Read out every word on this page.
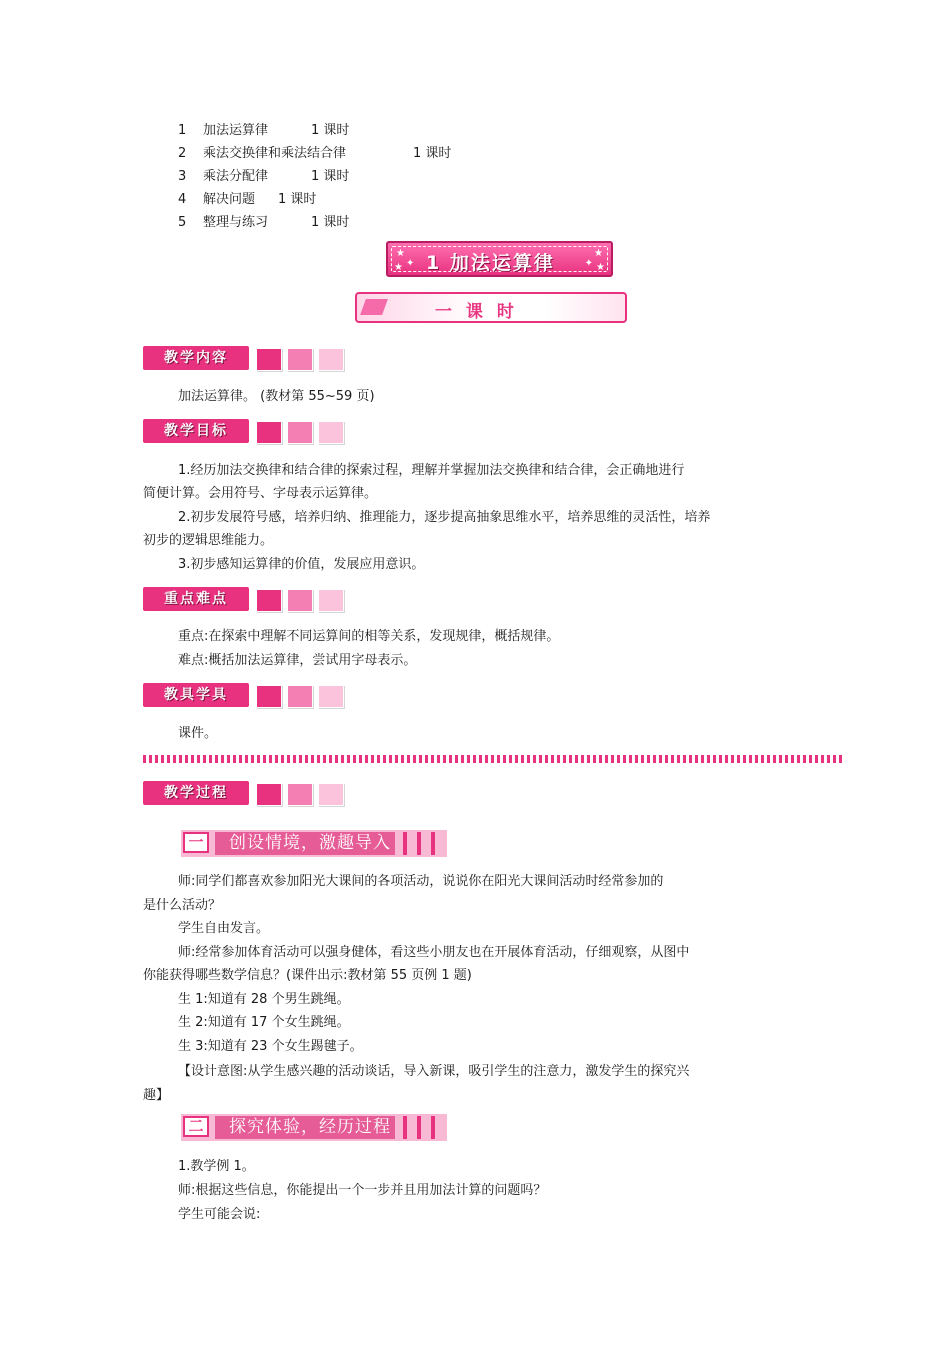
1 加法运算律	1 课时
2 乘法交换律和乘法结合律	1 课时
3 乘法分配律	1 课时
4 解决问题 1 课时
5 整理与练习	1 课时
★
✦
★
★
✦ ★
1 加法运算律
一 课 时
教学内容
加法运算律。 (教材第 55~59 页)
教学目标
1.经历加法交换律和结合律的探索过程，理解并掌握加法交换律和结合律，会正确地进行
简便计算。会用符号、字母表示运算律。
2.初步发展符号感，培养归纳、推理能力，逐步提高抽象思维水平，培养思维的灵活性，培养
初步的逻辑思维能力。
3.初步感知运算律的价值，发展应用意识。
重点难点
重点:在探索中理解不同运算间的相等关系，发现规律，概括规律。
难点:概括加法运算律，尝试用字母表示。
教具学具
课件。
教学过程
一	创设情境，激趣导入
师:同学们都喜欢参加阳光大课间的各项活动，说说你在阳光大课间活动时经常参加的
是什么活动？
学生自由发言。
师:经常参加体育活动可以强身健体，看这些小朋友也在开展体育活动，仔细观察，从图中
你能获得哪些数学信息？(课件出示:教材第 55 页例 1 题)
生 1:知道有 28 个男生跳绳。
生 2:知道有 17 个女生跳绳。
生 3:知道有 23 个女生踢毽子。
【设计意图:从学生感兴趣的活动谈话，导入新课，吸引学生的注意力，激发学生的探究兴
趣】
二	探究体验，经历过程
1.教学例 1。
师:根据这些信息，你能提出一个一步并且用加法计算的问题吗？
学生可能会说:
